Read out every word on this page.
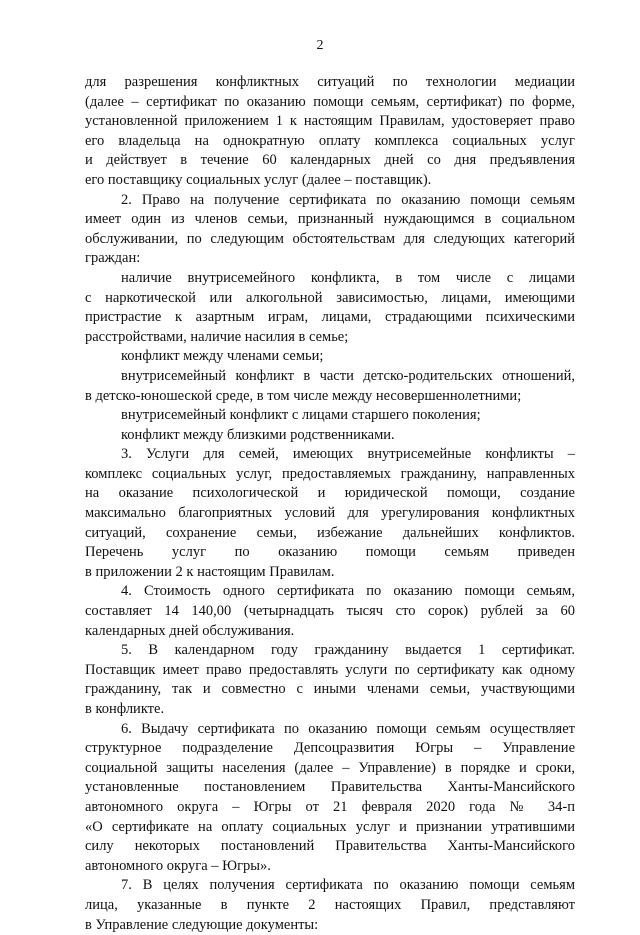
2
для разрешения конфликтных ситуаций по технологии медиации
(далее – сертификат по оказанию помощи семьям, сертификат) по форме,
установленной приложением 1 к настоящим Правилам, удостоверяет право
его владельца на однократную оплату комплекса социальных услуг
и действует в течение 60 календарных дней со дня предъявления
его поставщику социальных услуг (далее – поставщик).
2. Право на получение сертификата по оказанию помощи семьям
имеет один из членов семьи, признанный нуждающимся в социальном
обслуживании, по следующим обстоятельствам для следующих категорий
граждан:
наличие внутрисемейного конфликта, в том числе с лицами
с наркотической или алкогольной зависимостью, лицами, имеющими
пристрастие к азартным играм, лицами, страдающими психическими
расстройствами, наличие насилия в семье;
конфликт между членами семьи;
внутрисемейный конфликт в части детско-родительских отношений,
в детско-юношеской среде, в том числе между несовершеннолетними;
внутрисемейный конфликт с лицами старшего поколения;
конфликт между близкими родственниками.
3. Услуги для семей, имеющих внутрисемейные конфликты –
комплекс социальных услуг, предоставляемых гражданину, направленных
на оказание психологической и юридической помощи, создание
максимально благоприятных условий для урегулирования конфликтных
ситуаций, сохранение семьи, избежание дальнейших конфликтов.
Перечень услуг по оказанию помощи семьям приведен
в приложении 2 к настоящим Правилам.
4. Стоимость одного сертификата по оказанию помощи семьям,
составляет 14 140,00 (четырнадцать тысяч сто сорок) рублей за 60
календарных дней обслуживания.
5. В календарном году гражданину выдается 1 сертификат.
Поставщик имеет право предоставлять услуги по сертификату как одному
гражданину, так и совместно с иными членами семьи, участвующими
в конфликте.
6. Выдачу сертификата по оказанию помощи семьям осуществляет
структурное подразделение Депсоцразвития Югры – Управление
социальной защиты населения (далее – Управление) в порядке и сроки,
установленные постановлением Правительства Ханты-Мансийского
автономного округа – Югры от 21 февраля 2020 года № 34-п
«О сертификате на оплату социальных услуг и признании утратившими
силу некоторых постановлений Правительства Ханты-Мансийского
автономного округа – Югры».
7. В целях получения сертификата по оказанию помощи семьям
лица, указанные в пункте 2 настоящих Правил, представляют
в Управление следующие документы:
